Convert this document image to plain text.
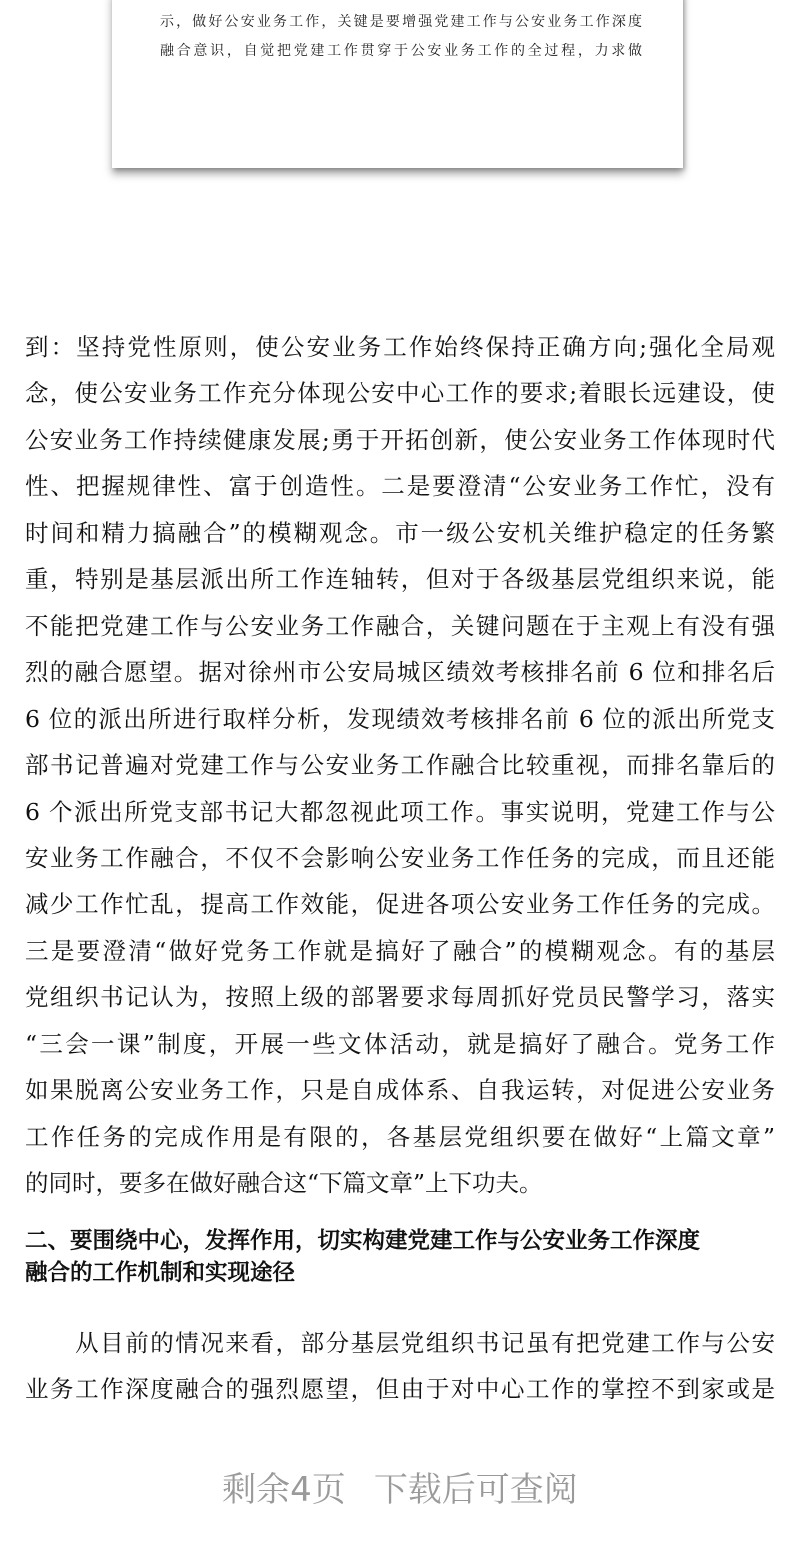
示，做好公安业务工作，关键是要增强党建工作与公安业务工作深度
融合意识，自觉把党建工作贯穿于公安业务工作的全过程，力求做
到：坚持党性原则，使公安业务工作始终保持正确方向;强化全局观
念，使公安业务工作充分体现公安中心工作的要求;着眼长远建设，使
公安业务工作持续健康发展;勇于开拓创新，使公安业务工作体现时代
性、把握规律性、富于创造性。二是要澄清“公安业务工作忙，没有
时间和精力搞融合”的模糊观念。市一级公安机关维护稳定的任务繁
重，特别是基层派出所工作连轴转，但对于各级基层党组织来说，能
不能把党建工作与公安业务工作融合，关键问题在于主观上有没有强
烈的融合愿望。据对徐州市公安局城区绩效考核排名前 6 位和排名后
6 位的派出所进行取样分析，发现绩效考核排名前 6 位的派出所党支
部书记普遍对党建工作与公安业务工作融合比较重视，而排名靠后的
6 个派出所党支部书记大都忽视此项工作。事实说明，党建工作与公
安业务工作融合，不仅不会影响公安业务工作任务的完成，而且还能
减少工作忙乱，提高工作效能，促进各项公安业务工作任务的完成。
三是要澄清“做好党务工作就是搞好了融合”的模糊观念。有的基层
党组织书记认为，按照上级的部署要求每周抓好党员民警学习，落实
“三会一课”制度，开展一些文体活动，就是搞好了融合。党务工作
如果脱离公安业务工作，只是自成体系、自我运转，对促进公安业务
工作任务的完成作用是有限的，各基层党组织要在做好“上篇文章”
的同时，要多在做好融合这“下篇文章”上下功夫。
二、要围绕中心，发挥作用，切实构建党建工作与公安业务工作深度
融合的工作机制和实现途径
　　从目前的情况来看，部分基层党组织书记虽有把党建工作与公安
业务工作深度融合的强烈愿望，但由于对中心工作的掌控不到家或是
剩余4页 下载后可查阅
